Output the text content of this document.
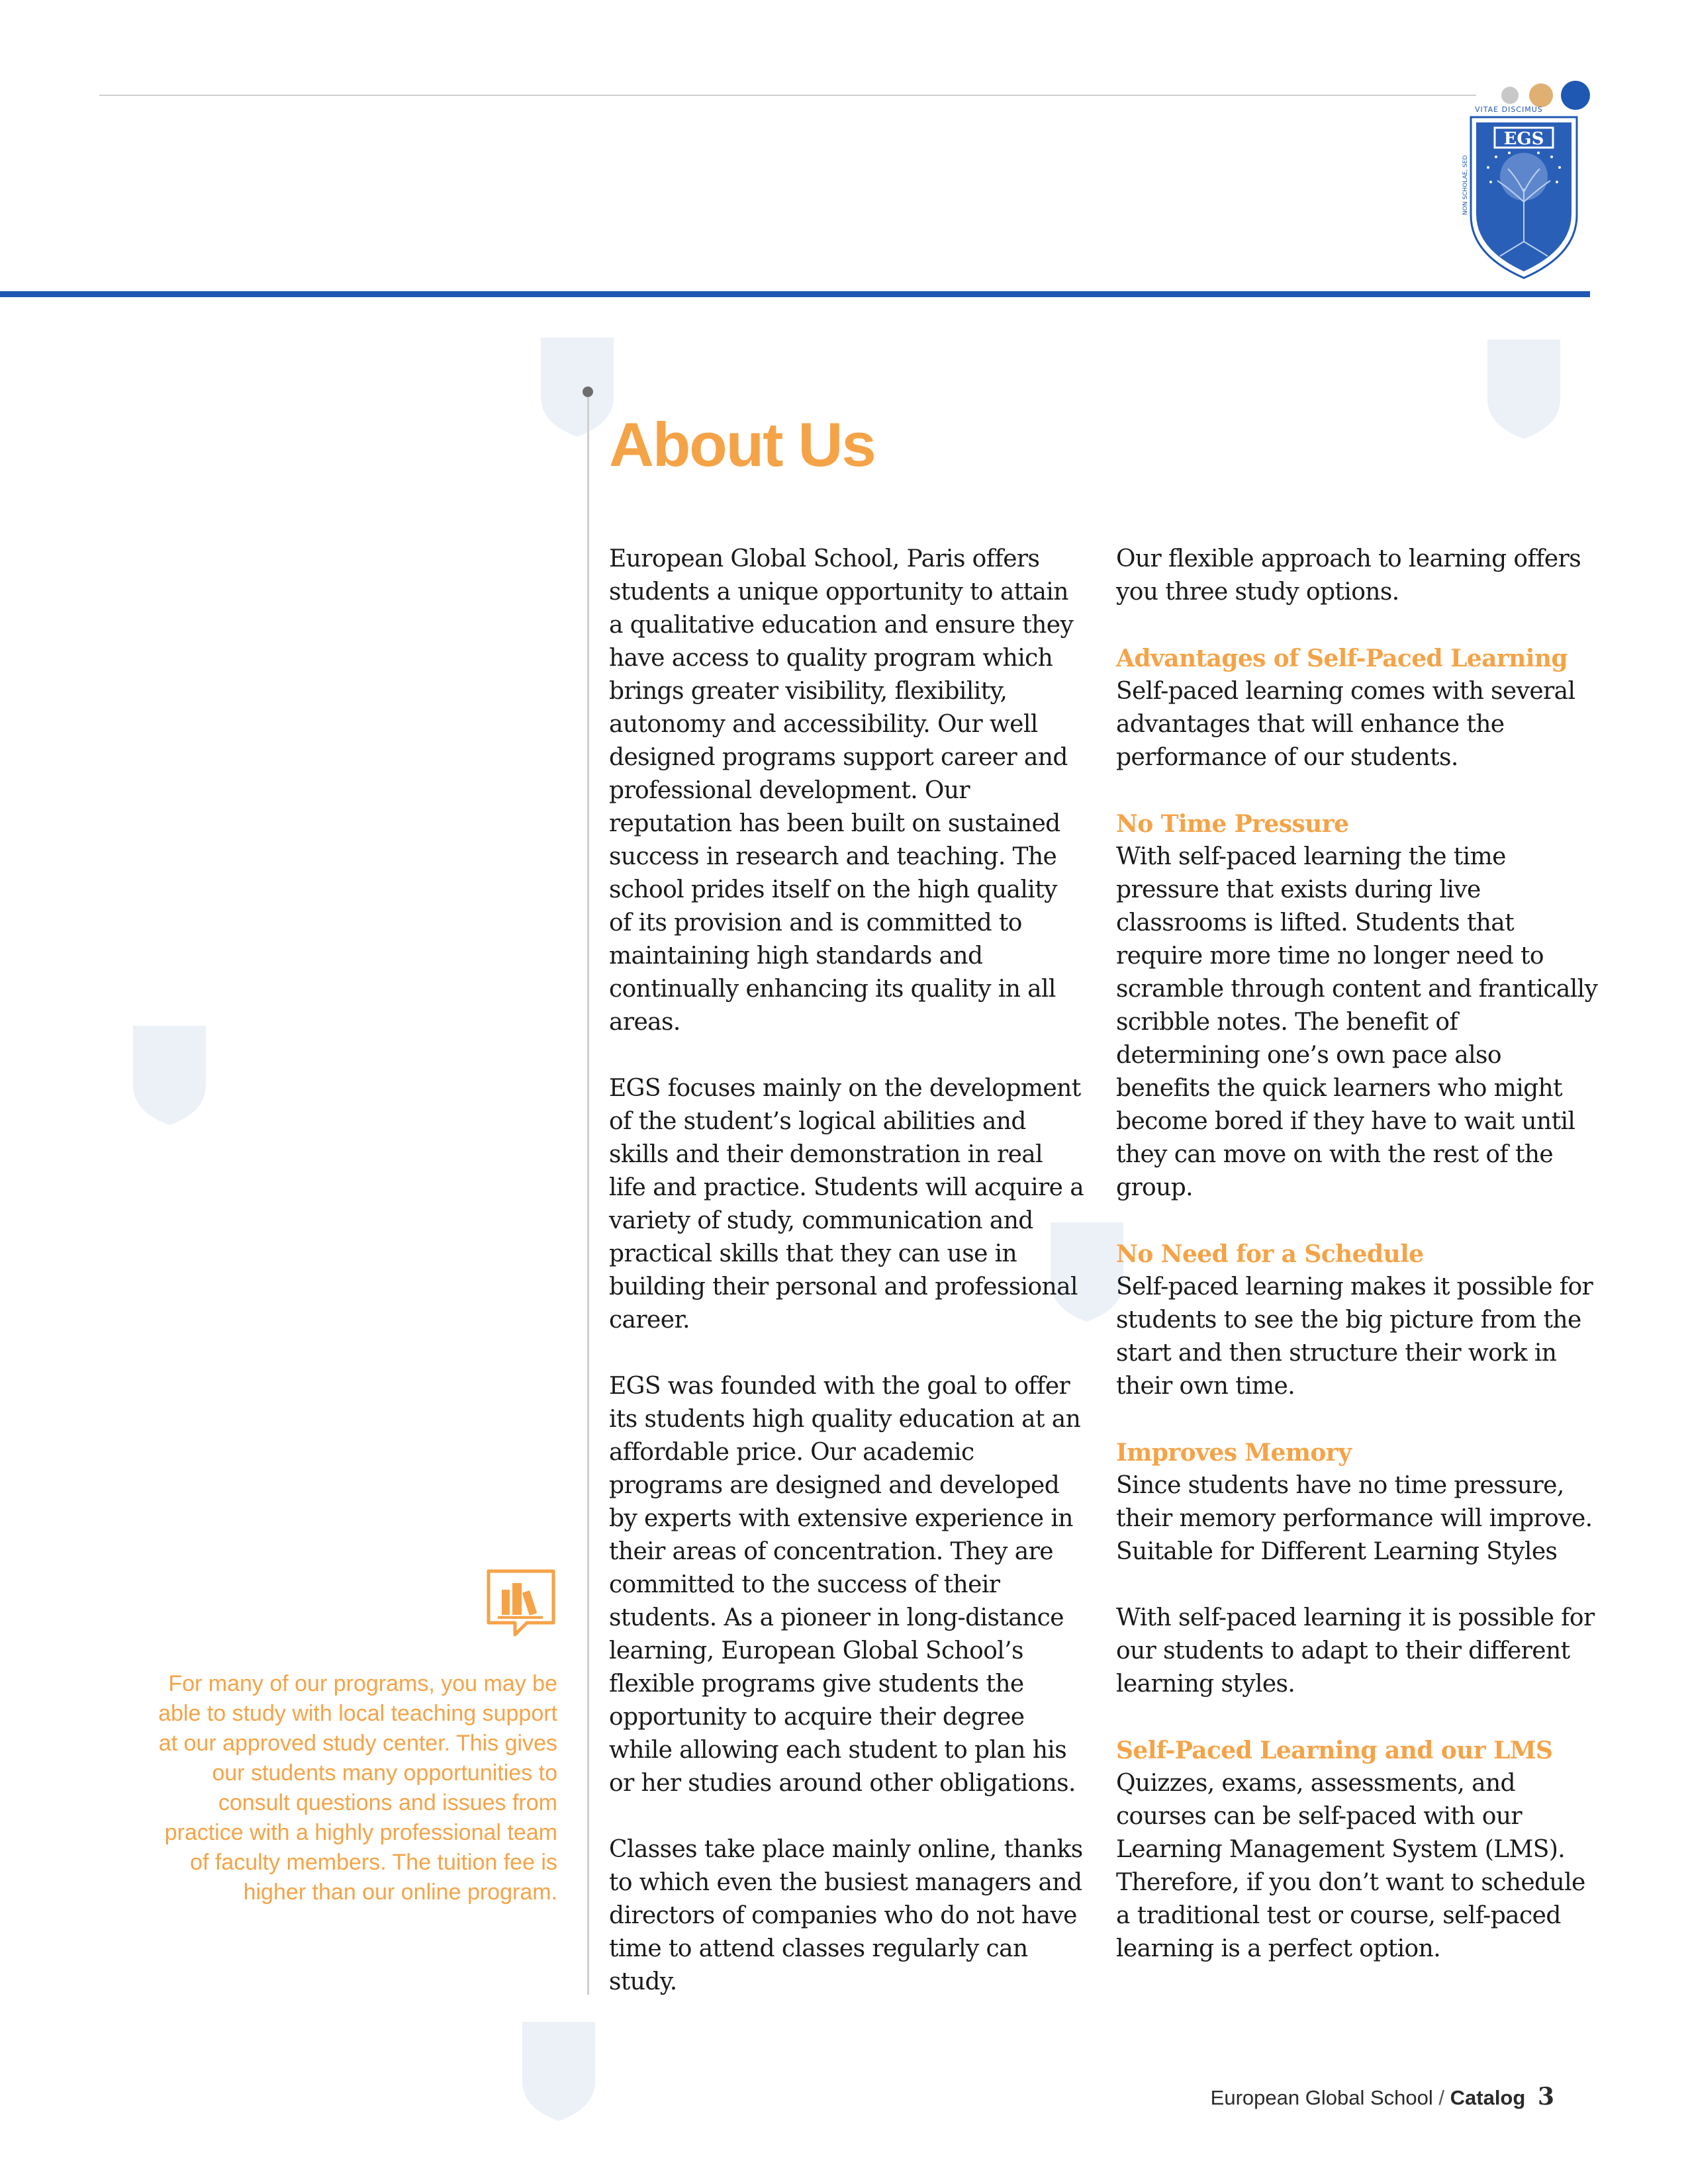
VITAE DISCIMUS
NON SCHOLAE, SED
EGS
About Us

European Global School, Paris offers students a unique opportunity to attain a qualitative education and ensure they have access to quality program which brings greater visibility, flexibility, autonomy and accessibility. Our well designed programs support career and professional development. Our reputation has been built on sustained success in research and teaching. The school prides itself on the high quality of its provision and is committed to maintaining high standards and continually enhancing its quality in all areas.

EGS focuses mainly on the development of the student’s logical abilities and skills and their demonstration in real life and practice. Students will acquire a variety of study, communication and practical skills that they can use in building their personal and professional career.

EGS was founded with the goal to offer its students high quality education at an affordable price. Our academic programs are designed and developed by experts with extensive experience in their areas of concentration. They are committed to the success of their students. As a pioneer in long-distance learning, European Global School’s flexible programs give students the opportunity to acquire their degree while allowing each student to plan his or her studies around other obligations.

Classes take place mainly online, thanks to which even the busiest managers and directors of companies who do not have time to attend classes regularly can study.

Our flexible approach to learning offers you three study options.

Advantages of Self-Paced Learning

Self-paced learning comes with several advantages that will enhance the performance of our students.

No Time Pressure

With self-paced learning the time pressure that exists during live classrooms is lifted. Students that require more time no longer need to scramble through content and frantically scribble notes. The benefit of determining one’s own pace also benefits the quick learners who might become bored if they have to wait until they can move on with the rest of the group.

No Need for a Schedule

Self-paced learning makes it possible for students to see the big picture from the start and then structure their work in their own time.

Improves Memory

Since students have no time pressure, their memory performance will improve. Suitable for Different Learning Styles

With self-paced learning it is possible for our students to adapt to their different learning styles.

Self-Paced Learning and our LMS

Quizzes, exams, assessments, and courses can be self-paced with our Learning Management System (LMS). Therefore, if you don’t want to schedule a traditional test or course, self-paced learning is a perfect option.

For many of our programs, you may be able to study with local teaching support at our approved study center. This gives our students many opportunities to consult questions and issues from practice with a highly professional team of faculty members. The tuition fee is higher than our online program.

European Global School / Catalog 3
